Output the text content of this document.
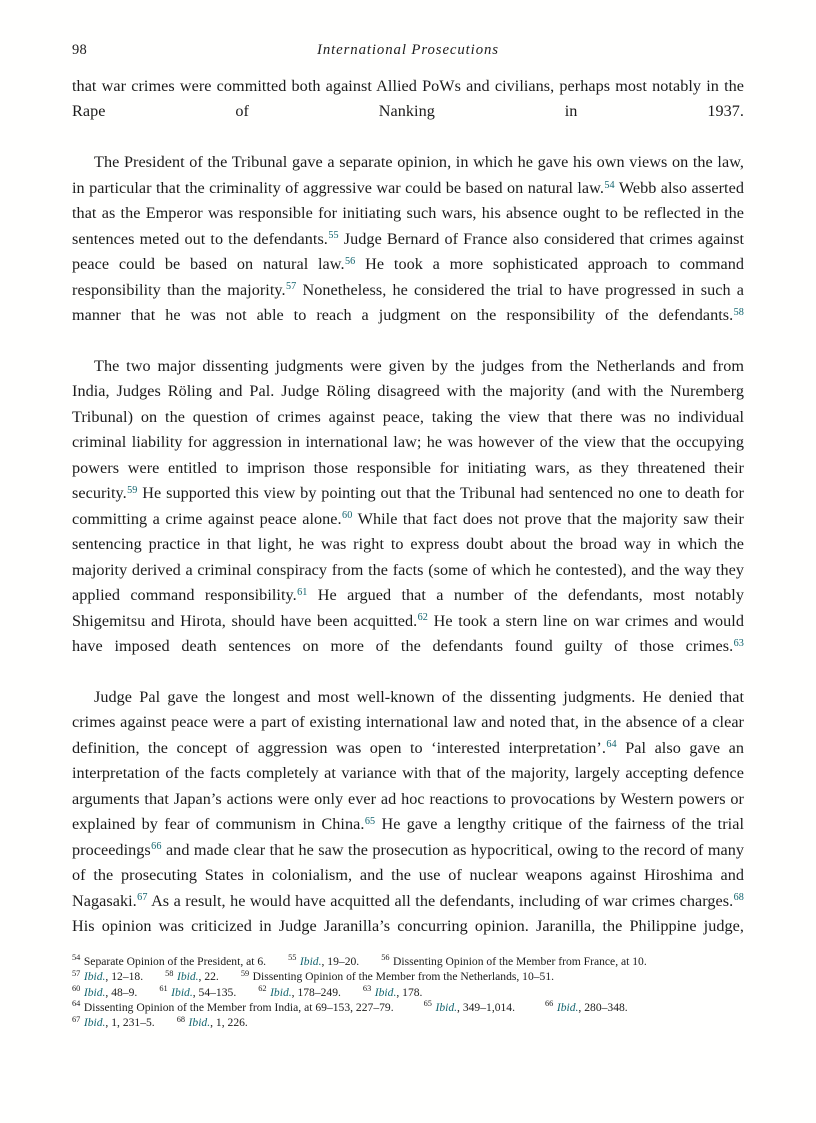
98	International Prosecutions

that war crimes were committed both against Allied PoWs and civilians, perhaps most notably in the Rape of Nanking in 1937.

The President of the Tribunal gave a separate opinion, in which he gave his own views on the law, in particular that the criminality of aggressive war could be based on natural law.$^{54}$ Webb also asserted that as the Emperor was responsible for initiating such wars, his absence ought to be reflected in the sentences meted out to the defendants.$^{55}$ Judge Bernard of France also considered that crimes against peace could be based on natural law.$^{56}$ He took a more sophisticated approach to command responsibility than the majority.$^{57}$ Nonetheless, he considered the trial to have progressed in such a manner that he was not able to reach a judgment on the responsibility of the defendants.$^{58}$

The two major dissenting judgments were given by the judges from the Netherlands and from India, Judges Röling and Pal. Judge Röling disagreed with the majority (and with the Nuremberg Tribunal) on the question of crimes against peace, taking the view that there was no individual criminal liability for aggression in international law; he was however of the view that the occupying powers were entitled to imprison those responsible for initiating wars, as they threatened their security.$^{59}$ He supported this view by pointing out that the Tribunal had sentenced no one to death for committing a crime against peace alone.$^{60}$ While that fact does not prove that the majority saw their sentencing practice in that light, he was right to express doubt about the broad way in which the majority derived a criminal conspiracy from the facts (some of which he contested), and the way they applied command responsibility.$^{61}$ He argued that a number of the defendants, most notably Shigemitsu and Hirota, should have been acquitted.$^{62}$ He took a stern line on war crimes and would have imposed death sentences on more of the defendants found guilty of those crimes.$^{63}$

Judge Pal gave the longest and most well-known of the dissenting judgments. He denied that crimes against peace were a part of existing international law and noted that, in the absence of a clear definition, the concept of aggression was open to ‘interested interpretation’.$^{64}$ Pal also gave an interpretation of the facts completely at variance with that of the majority, largely accepting defence arguments that Japan’s actions were only ever ad hoc reactions to provocations by Western powers or explained by fear of communism in China.$^{65}$ He gave a lengthy critique of the fairness of the trial proceedings$^{66}$ and made clear that he saw the prosecution as hypocritical, owing to the record of many of the prosecuting States in colonialism, and the use of nuclear weapons against Hiroshima and Nagasaki.$^{67}$ As a result, he would have acquitted all the defendants, including of war crimes charges.$^{68}$ His opinion was criticized in Judge Jaranilla’s concurring opinion. Jaranilla, the Philippine judge,

$^{54}$ Separate Opinion of the President, at 6.	$^{55}$ Ibid., 19–20.	$^{56}$ Dissenting Opinion of the Member from France, at 10.
$^{57}$ Ibid., 12–18.	$^{58}$ Ibid., 22.	$^{59}$ Dissenting Opinion of the Member from the Netherlands, 10–51.
$^{60}$ Ibid., 48–9.	$^{61}$ Ibid., 54–135.	$^{62}$ Ibid., 178–249.	$^{63}$ Ibid., 178.
$^{64}$ Dissenting Opinion of the Member from India, at 69–153, 227–79.	$^{65}$ Ibid., 349–1,014.	$^{66}$ Ibid., 280–348.
$^{67}$ Ibid., 1, 231–5.	$^{68}$ Ibid., 1, 226.
